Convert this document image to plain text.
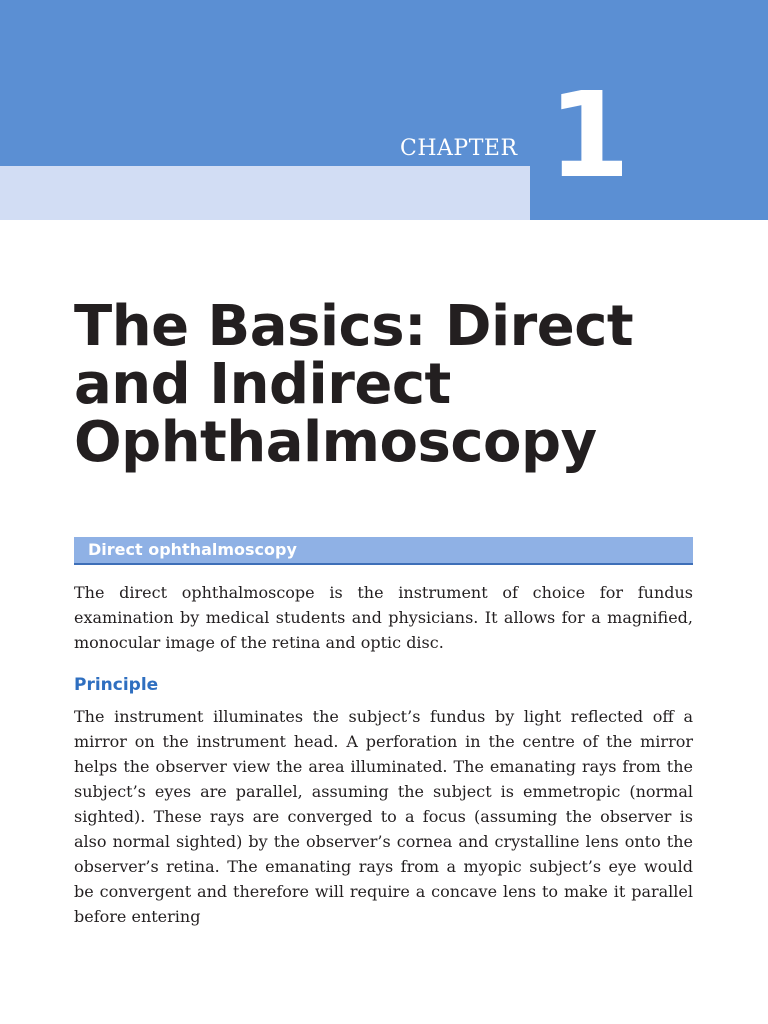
CHAPTER 1
The Basics: Direct and Indirect Ophthalmoscopy
Direct ophthalmoscopy

The direct ophthalmoscope is the instrument of choice for fundus examination by medical students and physicians. It allows for a magnified, monocular image of the retina and optic disc.

Principle

The instrument illuminates the subject’s fundus by light reflected off a mirror on the instrument head. A perforation in the centre of the mirror helps the observer view the area illuminated. The emanating rays from the subject’s eyes are parallel, assuming the subject is emmetropic (normal sighted). These rays are converged to a focus (assuming the observer is also normal sighted) by the observer’s cornea and crystalline lens onto the observer’s retina. The emanating rays from a myopic subject’s eye would be convergent and therefore will require a concave lens to make it parallel before entering
